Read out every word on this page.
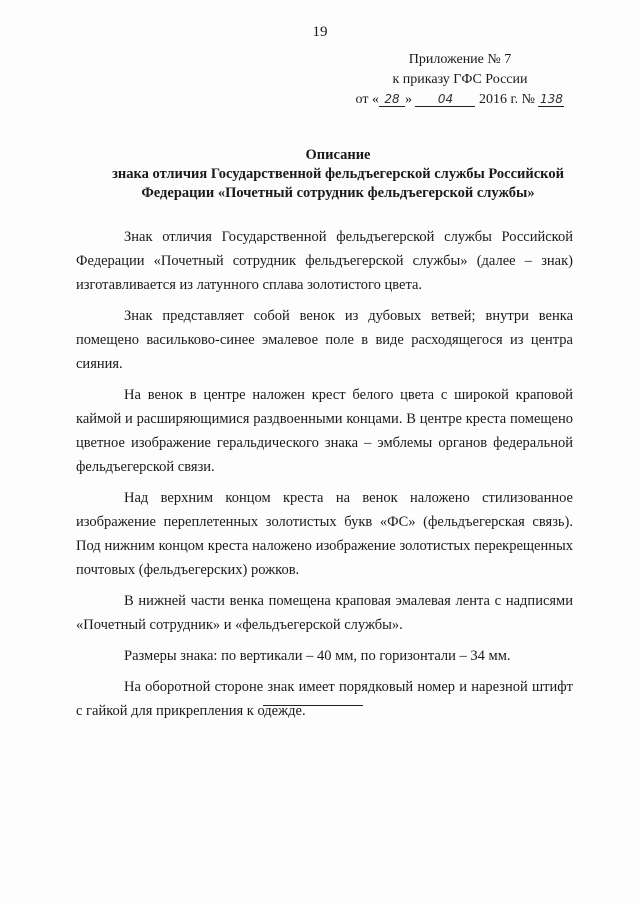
19
Приложение № 7
к приказу ГФС России
от « 28 » 04 2016 г. № 138
Описание
знака отличия Государственной фельдъегерской службы Российской
Федерации «Почетный сотрудник фельдъегерской службы»

Знак отличия Государственной фельдъегерской службы Российской Федерации «Почетный сотрудник фельдъегерской службы» (далее – знак) изготавливается из латунного сплава золотистого цвета.

Знак представляет собой венок из дубовых ветвей; внутри венка помещено васильково-синее эмалевое поле в виде расходящегося из центра сияния.

На венок в центре наложен крест белого цвета с широкой краповой каймой и расширяющимися раздвоенными концами. В центре креста помещено цветное изображение геральдического знака – эмблемы органов федеральной фельдъегерской связи.

Над верхним концом креста на венок наложено стилизованное изображение переплетенных золотистых букв «ФС» (фельдъегерская связь). Под нижним концом креста наложено изображение золотистых перекрещенных почтовых (фельдъегерских) рожков.

В нижней части венка помещена краповая эмалевая лента с надписями «Почетный сотрудник» и «фельдъегерской службы».

Размеры знака: по вертикали – 40 мм, по горизонтали – 34 мм.

На оборотной стороне знак имеет порядковый номер и нарезной штифт с гайкой для прикрепления к одежде.
